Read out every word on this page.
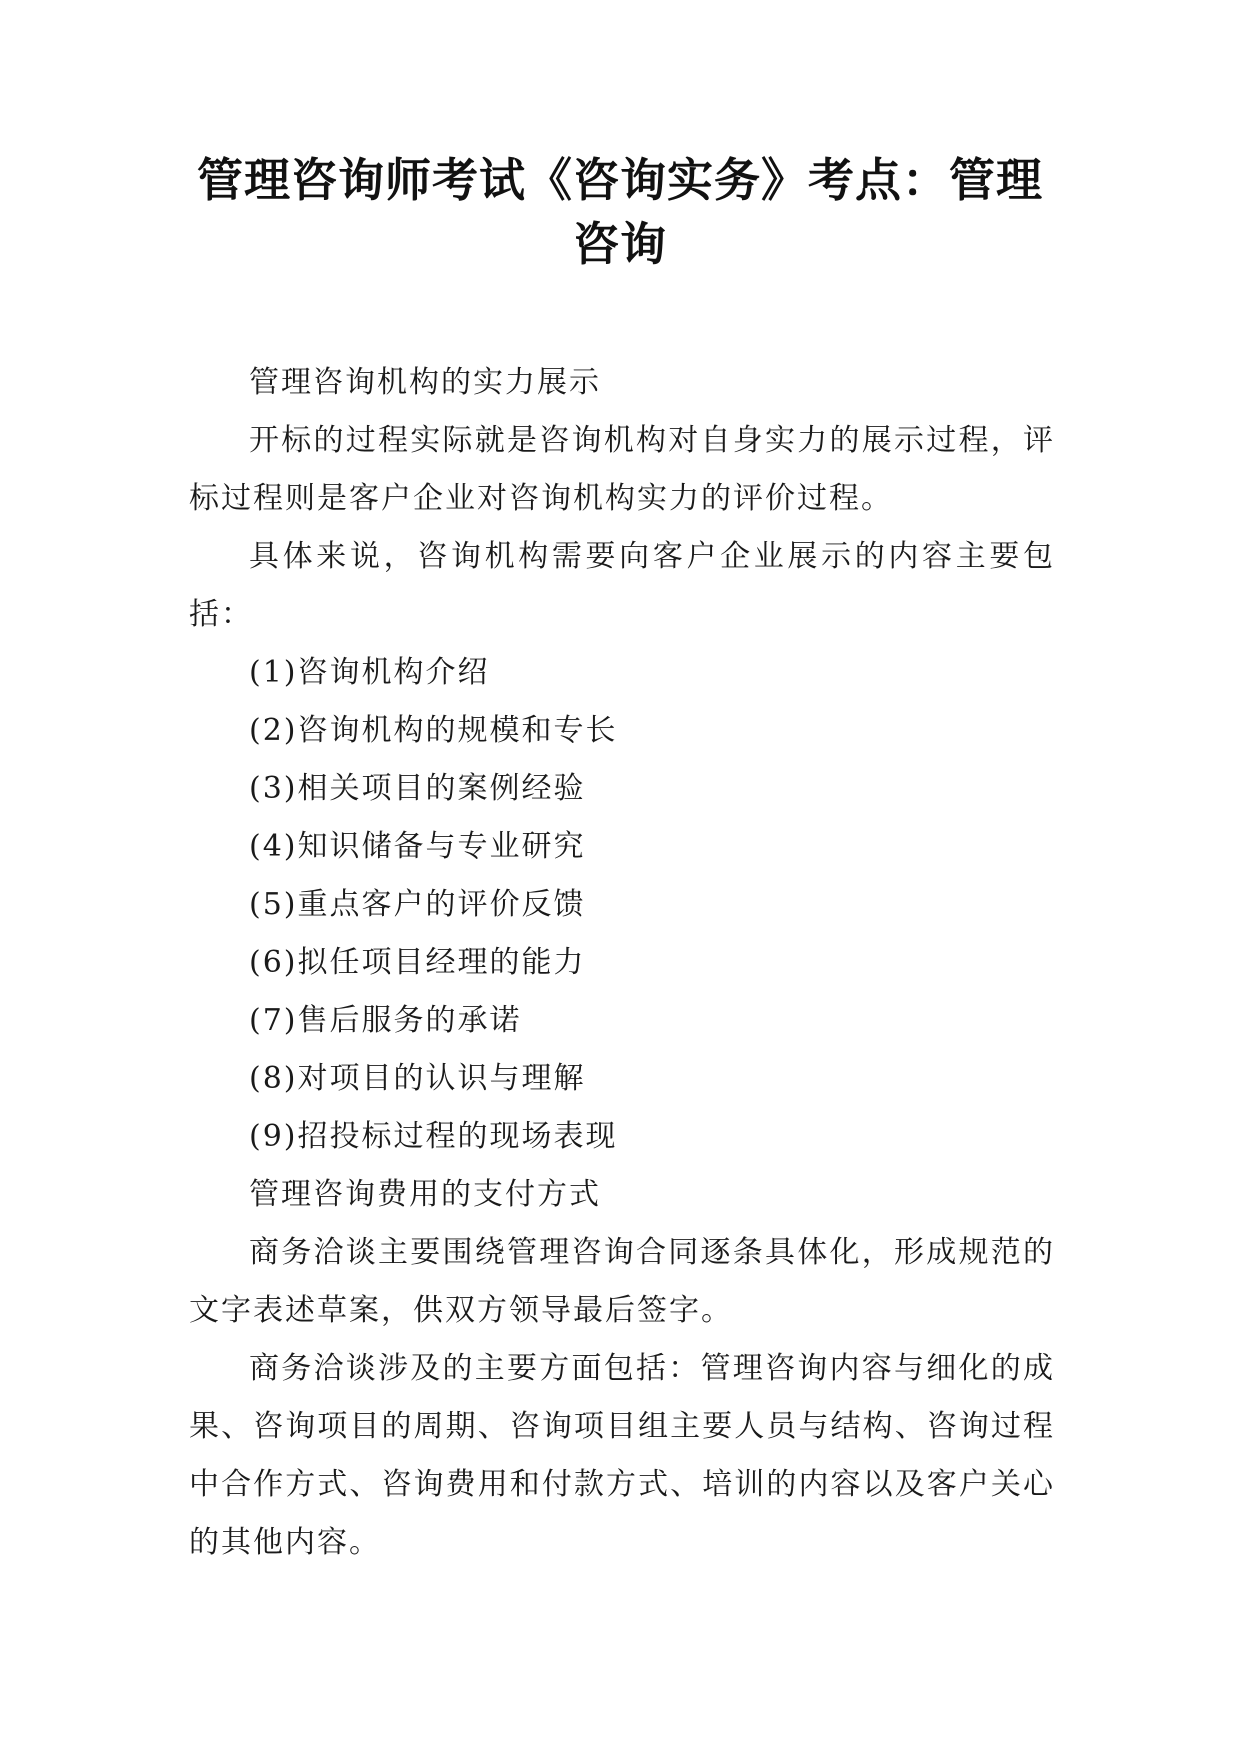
管理咨询师考试《咨询实务》考点：管理咨询

管理咨询机构的实力展示

开标的过程实际就是咨询机构对自身实力的展示过程，评标过程则是客户企业对咨询机构实力的评价过程。

具体来说，咨询机构需要向客户企业展示的内容主要包括：

(1)咨询机构介绍

(2)咨询机构的规模和专长

(3)相关项目的案例经验

(4)知识储备与专业研究

(5)重点客户的评价反馈

(6)拟任项目经理的能力

(7)售后服务的承诺

(8)对项目的认识与理解

(9)招投标过程的现场表现

管理咨询费用的支付方式

商务洽谈主要围绕管理咨询合同逐条具体化，形成规范的文字表述草案，供双方领导最后签字。

商务洽谈涉及的主要方面包括：管理咨询内容与细化的成果、咨询项目的周期、咨询项目组主要人员与结构、咨询过程中合作方式、咨询费用和付款方式、培训的内容以及客户关心的其他内容。
